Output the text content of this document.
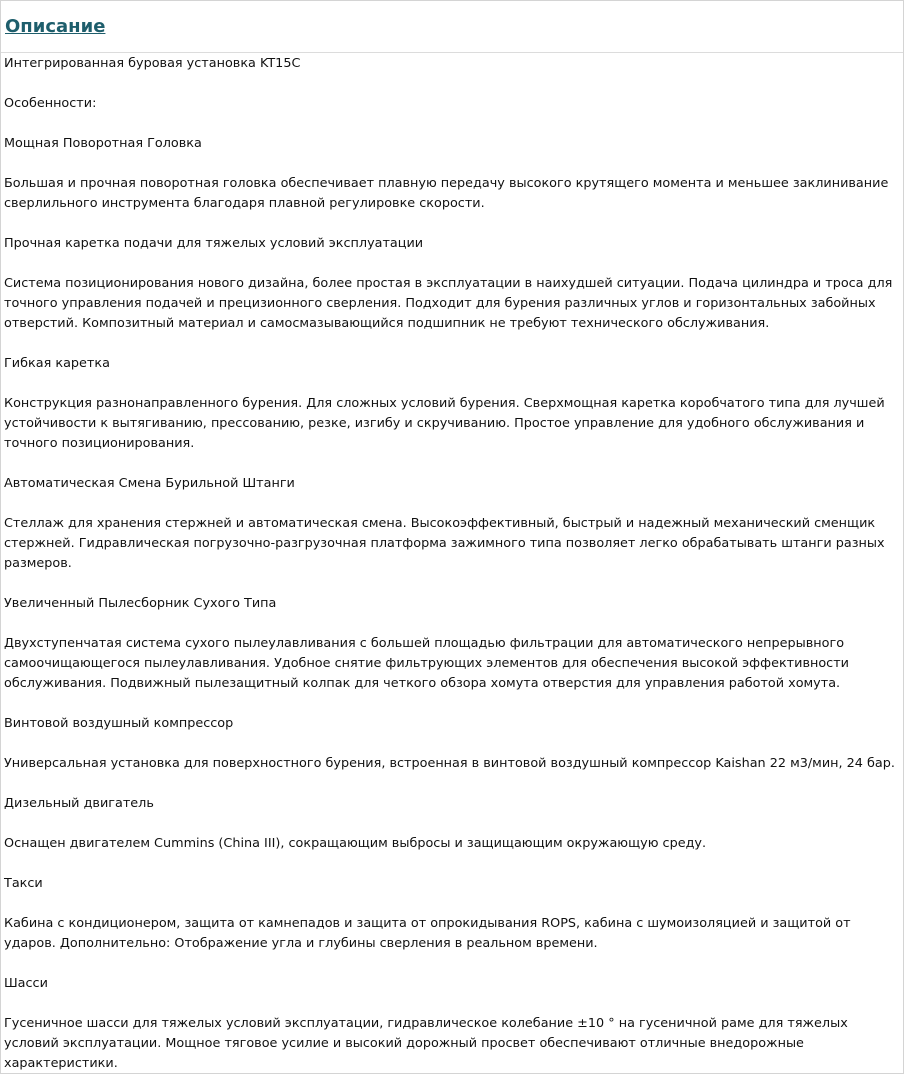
Описание

Интегрированная буровая установка KT15C

Особенности:

Мощная Поворотная Головка

Большая и прочная поворотная головка обеспечивает плавную передачу высокого крутящего момента и меньшее заклинивание сверлильного инструмента благодаря плавной регулировке скорости.

Прочная каретка подачи для тяжелых условий эксплуатации

Система позиционирования нового дизайна, более простая в эксплуатации в наихудшей ситуации. Подача цилиндра и троса для точного управления подачей и прецизионного сверления. Подходит для бурения различных углов и горизонтальных забойных отверстий. Композитный материал и самосмазывающийся подшипник не требуют технического обслуживания.

Гибкая каретка

Конструкция разнонаправленного бурения. Для сложных условий бурения. Сверхмощная каретка коробчатого типа для лучшей устойчивости к вытягиванию, прессованию, резке, изгибу и скручиванию. Простое управление для удобного обслуживания и точного позиционирования.

Автоматическая Смена Бурильной Штанги

Стеллаж для хранения стержней и автоматическая смена. Высокоэффективный, быстрый и надежный механический сменщик стержней. Гидравлическая погрузочно-разгрузочная платформа зажимного типа позволяет легко обрабатывать штанги разных размеров.

Увеличенный Пылесборник Сухого Типа

Двухступенчатая система сухого пылеулавливания с большей площадью фильтрации для автоматического непрерывного самоочищающегося пылеулавливания. Удобное снятие фильтрующих элементов для обеспечения высокой эффективности обслуживания. Подвижный пылезащитный колпак для четкого обзора хомута отверстия для управления работой хомута.

Винтовой воздушный компрессор

Универсальная установка для поверхностного бурения, встроенная в винтовой воздушный компрессор Kaishan 22 м3/мин, 24 бар.

Дизельный двигатель

Оснащен двигателем Cummins (China III), сокращающим выбросы и защищающим окружающую среду.

Такси

Кабина с кондиционером, защита от камнепадов и защита от опрокидывания ROPS, кабина с шумоизоляцией и защитой от ударов. Дополнительно: Отображение угла и глубины сверления в реальном времени.

Шасси

Гусеничное шасси для тяжелых условий эксплуатации, гидравлическое колебание ±10 ° на гусеничной раме для тяжелых условий эксплуатации. Мощное тяговое усилие и высокий дорожный просвет обеспечивают отличные внедорожные характеристики.
